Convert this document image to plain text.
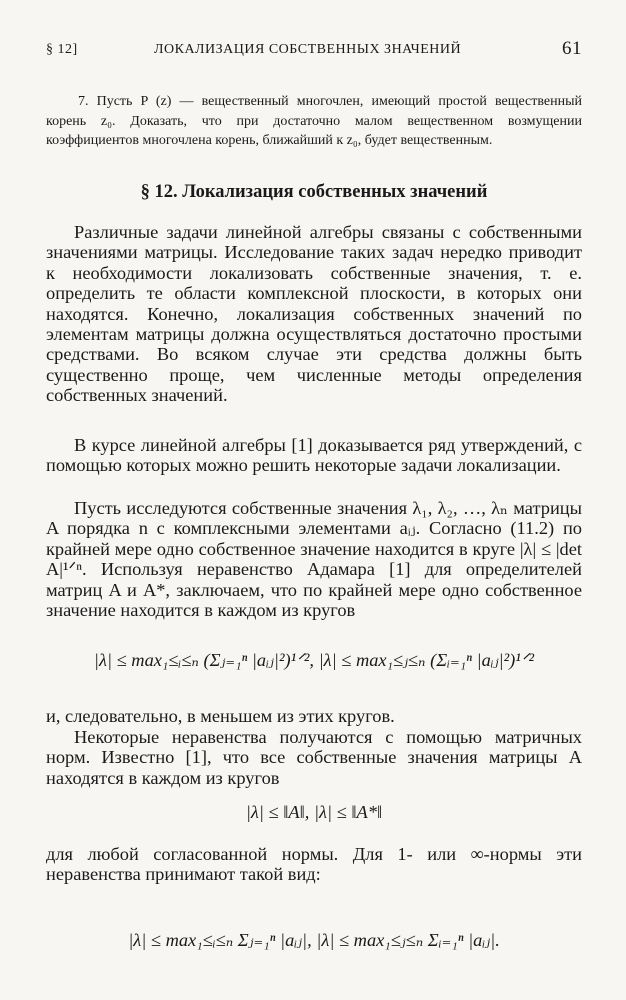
§ 12]	ЛОКАЛИЗАЦИЯ СОБСТВЕННЫХ ЗНАЧЕНИЙ	61
7. Пусть P (z) — вещественный многочлен, имеющий простой вещественный корень z₀. Доказать, что при достаточно малом вещественном возмущении коэффициентов многочлена корень, ближайший к z₀, будет вещественным.
§ 12. Локализация собственных значений

Различные задачи линейной алгебры связаны с собственными значениями матрицы. Исследование таких задач нередко приводит к необходимости локализовать собственные значения, т. е. определить те области комплексной плоскости, в которых они находятся. Конечно, локализация собственных значений по элементам матрицы должна осуществляться достаточно простыми средствами. Во всяком случае эти средства должны быть существенно проще, чем численные методы определения собственных значений.

В курсе линейной алгебры [1] доказывается ряд утверждений, с помощью которых можно решить некоторые задачи локализации.

Пусть исследуются собственные значения λ₁, λ₂, …, λₙ матрицы A порядка n с комплексными элементами aᵢⱼ. Согласно (11.2) по крайней мере одно собственное значение находится в круге |λ| ≤ |det A|¹ᐟⁿ. Используя неравенство Адамара [1] для определителей матриц A и A*, заключаем, что по крайней мере одно собственное значение находится в каждом из кругов

|λ| ≤ max₁≤ᵢ≤ₙ (Σⱼ₌₁ⁿ |aᵢⱼ|²)¹ᐟ², |λ| ≤ max₁≤ⱼ≤ₙ (Σᵢ₌₁ⁿ |aᵢⱼ|²)¹ᐟ²

и, следовательно, в меньшем из этих кругов.

Некоторые неравенства получаются с помощью матричных норм. Известно [1], что все собственные значения матрицы A находятся в каждом из кругов

|λ| ≤ ‖A‖, |λ| ≤ ‖A*‖

для любой согласованной нормы. Для 1- или ∞-нормы эти неравенства принимают такой вид:

|λ| ≤ max₁≤ᵢ≤ₙ Σⱼ₌₁ⁿ |aᵢⱼ|, |λ| ≤ max₁≤ⱼ≤ₙ Σᵢ₌₁ⁿ |aᵢⱼ|.
